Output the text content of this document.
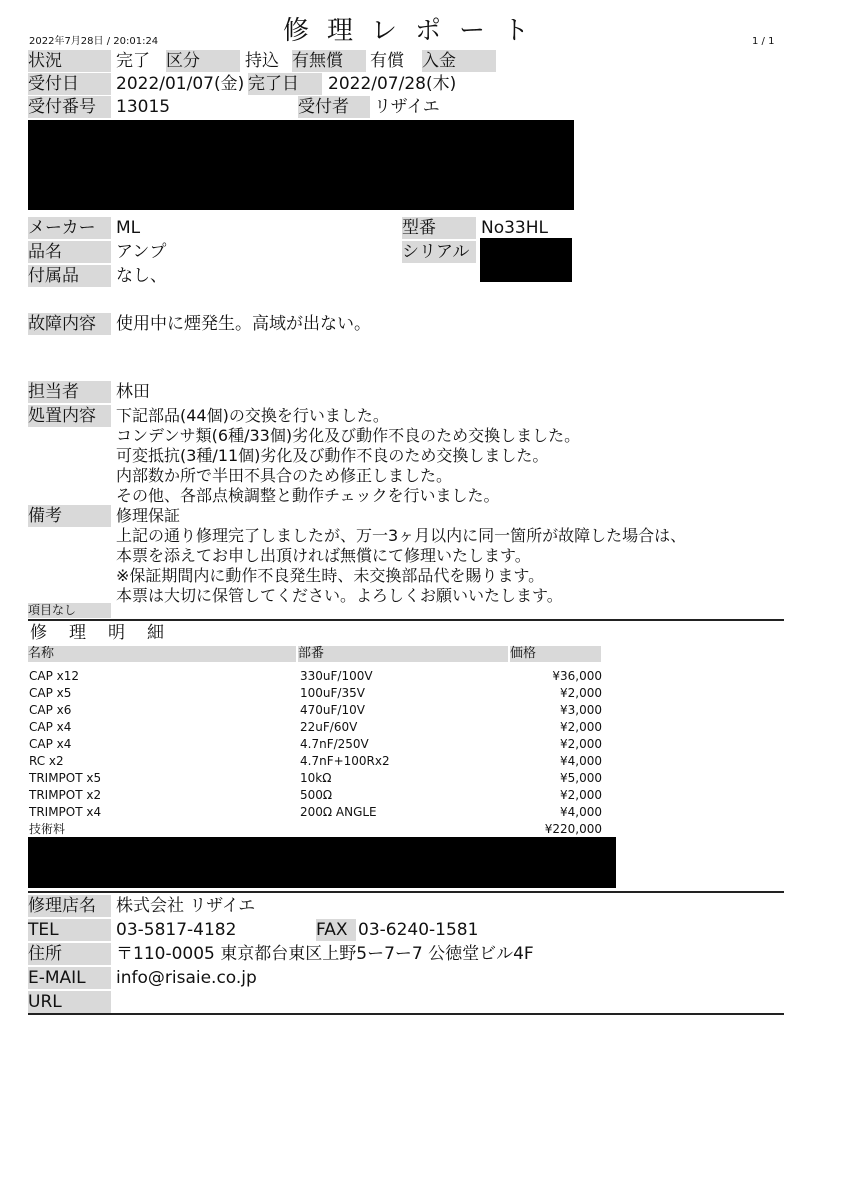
2022年7月28日 / 20:01:24	修理レポート	1 / 1
状況	完了 区分	持込 有無償	有償 入金
受付日	2022/01/07(金) 完了日	2022/07/28(木)
受付番号	13015	受付者	リザイエ
メーカー	ML	型番	No33HL
品名	アンプ	シリアル
付属品	なし、
故障内容	使用中に煙発生。高域が出ない。
担当者	林田
処置内容	下記部品(44個)の交換を行いました。
コンデンサ類(6種/33個)劣化及び動作不良のため交換しました。
可変抵抗(3種/11個)劣化及び動作不良のため交換しました。
内部数か所で半田不具合のため修正しました。
その他、各部点検調整と動作チェックを行いました。
備考	修理保証
上記の通り修理完了しましたが、万一3ヶ月以内に同一箇所が故障した場合は、
本票を添えてお申し出頂ければ無償にて修理いたします。
※保証期間内に動作不良発生時、未交換部品代を賜ります。
本票は大切に保管してください。よろしくお願いいたします。
項目なし
修理明細
名称	部番	価格
CAP x12	330uF/100V	¥36,000
CAP x5	100uF/35V	¥2,000
CAP x6	470uF/10V	¥3,000
CAP x4	22uF/60V	¥2,000
CAP x4	4.7nF/250V	¥2,000
RC x2	4.7nF+100Rx2	¥4,000
TRIMPOT x5	10kΩ	¥5,000
TRIMPOT x2	500Ω	¥2,000
TRIMPOT x4	200Ω ANGLE	¥4,000
技術料	¥220,000
修理店名	株式会社 リザイエ
TEL	03-5817-4182	FAX 03-6240-1581
住所	〒110-0005 東京都台東区上野5ー7ー7 公徳堂ビル4F
E-MAIL	info@risaie.co.jp
URL
